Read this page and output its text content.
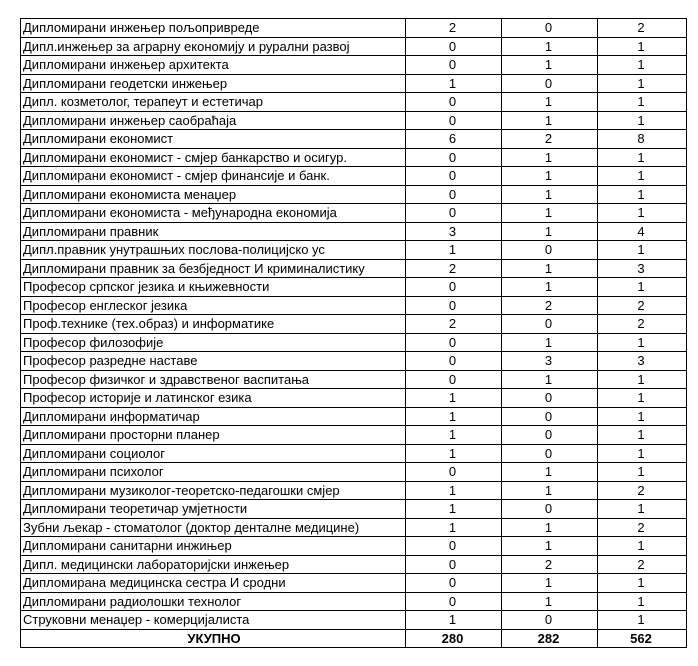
Дипломирани инжењер пољопривреде	2	0	2
Дипл.инжењер за аграрну економију и рурални развој	0	1	1
Дипломирани инжењер архитекта	0	1	1
Дипломирани геодетски инжењер	1	0	1
Дипл. козметолог, терапеут и естетичар	0	1	1
Дипломирани инжењер саобраћаја	0	1	1
Дипломирани економист	6	2	8
Дипломирани економист - смјер банкарство и осигур.	0	1	1
Дипломирани економист - смјер финансије и банк.	0	1	1
Дипломирани економиста менаџер	0	1	1
Дипломирани економиста - међународна економија	0	1	1
Дипломирани правник	3	1	4
Дипл.правник унутрашњих послова-полицијско ус	1	0	1
Дипломирани правник за безбједност И криминалистику	2	1	3
Професор српског језика и књижевности	0	1	1
Професор енглеског језика	0	2	2
Проф.технике (тех.образ) и информатике	2	0	2
Професор филозофије	0	1	1
Професор разредне наставе	0	3	3
Професор физичког и здравственог васпитања	0	1	1
Професор историје и латинског езика	1	0	1
Дипломирани информатичар	1	0	1
Дипломирани просторни планер	1	0	1
Дипломирани социолог	1	0	1
Дипломирани психолог	0	1	1
Дипломирани музиколог-теоретско-педагошки смјер	1	1	2
Дипломирани теоретичар умјетности	1	0	1
Зубни љекар - стоматолог (доктор денталне медицине)	1	1	2
Дипломирани санитарни инжињер	0	1	1
Дипл. медицински лабораторијски инжењер	0	2	2
Дипломирана медицинска сестра И сродни	0	1	1
Дипломирани радиолошки технолог	0	1	1
Струковни менаџер - комерцијалиста	1	0	1
УКУПНО	280	282	562
